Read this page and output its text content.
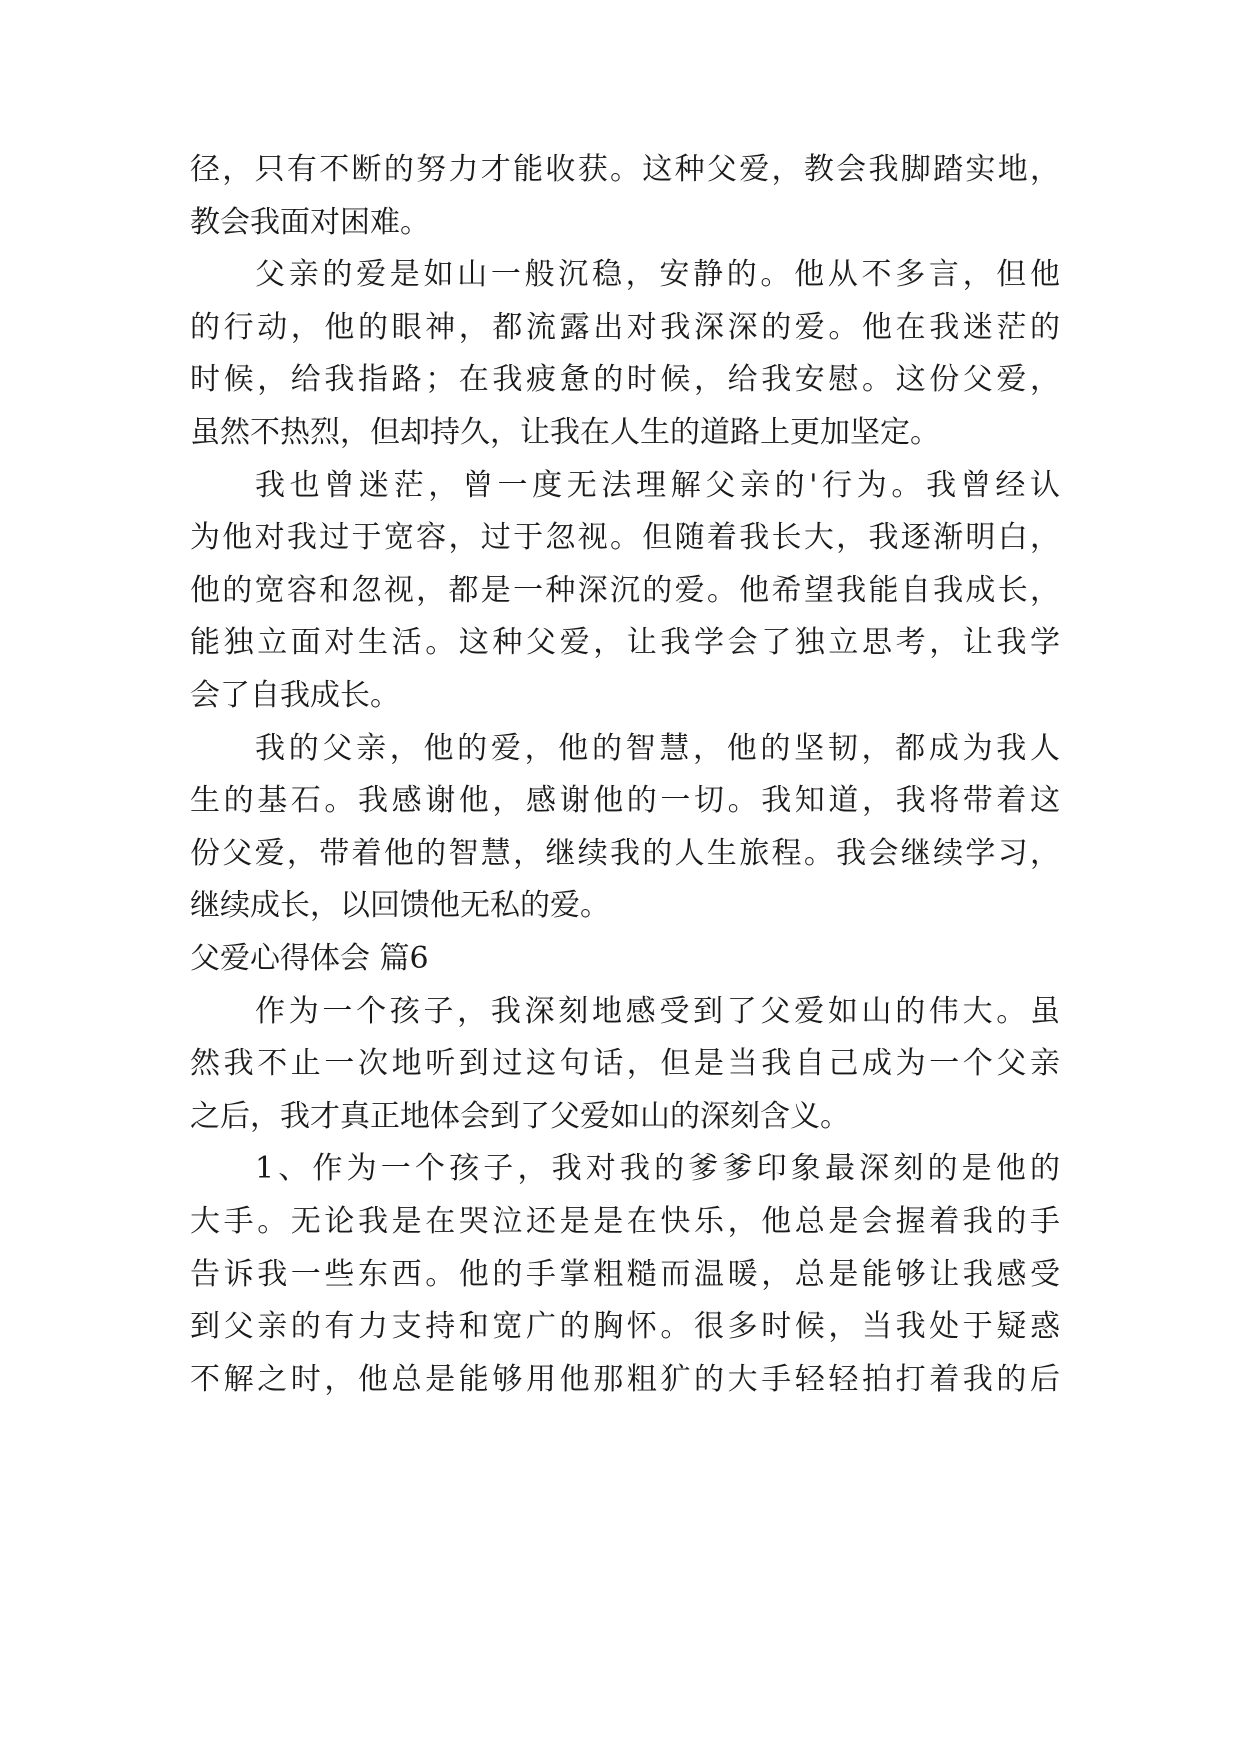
径，只有不断的努力才能收获。这种父爱，教会我脚踏实地，
教会我面对困难。
父亲的爱是如山一般沉稳，安静的。他从不多言，但他
的行动，他的眼神，都流露出对我深深的爱。他在我迷茫的
时候，给我指路；在我疲惫的时候，给我安慰。这份父爱，
虽然不热烈，但却持久，让我在人生的道路上更加坚定。
我也曾迷茫，曾一度无法理解父亲的'行为。我曾经认
为他对我过于宽容，过于忽视。但随着我长大，我逐渐明白，
他的宽容和忽视，都是一种深沉的爱。他希望我能自我成长，
能独立面对生活。这种父爱，让我学会了独立思考，让我学
会了自我成长。
我的父亲，他的爱，他的智慧，他的坚韧，都成为我人
生的基石。我感谢他，感谢他的一切。我知道，我将带着这
份父爱，带着他的智慧，继续我的人生旅程。我会继续学习，
继续成长，以回馈他无私的爱。
父爱心得体会 篇6
作为一个孩子，我深刻地感受到了父爱如山的伟大。虽
然我不止一次地听到过这句话，但是当我自己成为一个父亲
之后，我才真正地体会到了父爱如山的深刻含义。
1、作为一个孩子，我对我的爹爹印象最深刻的是他的
大手。无论我是在哭泣还是是在快乐，他总是会握着我的手
告诉我一些东西。他的手掌粗糙而温暖，总是能够让我感受
到父亲的有力支持和宽广的胸怀。很多时候，当我处于疑惑
不解之时，他总是能够用他那粗犷的大手轻轻拍打着我的后
